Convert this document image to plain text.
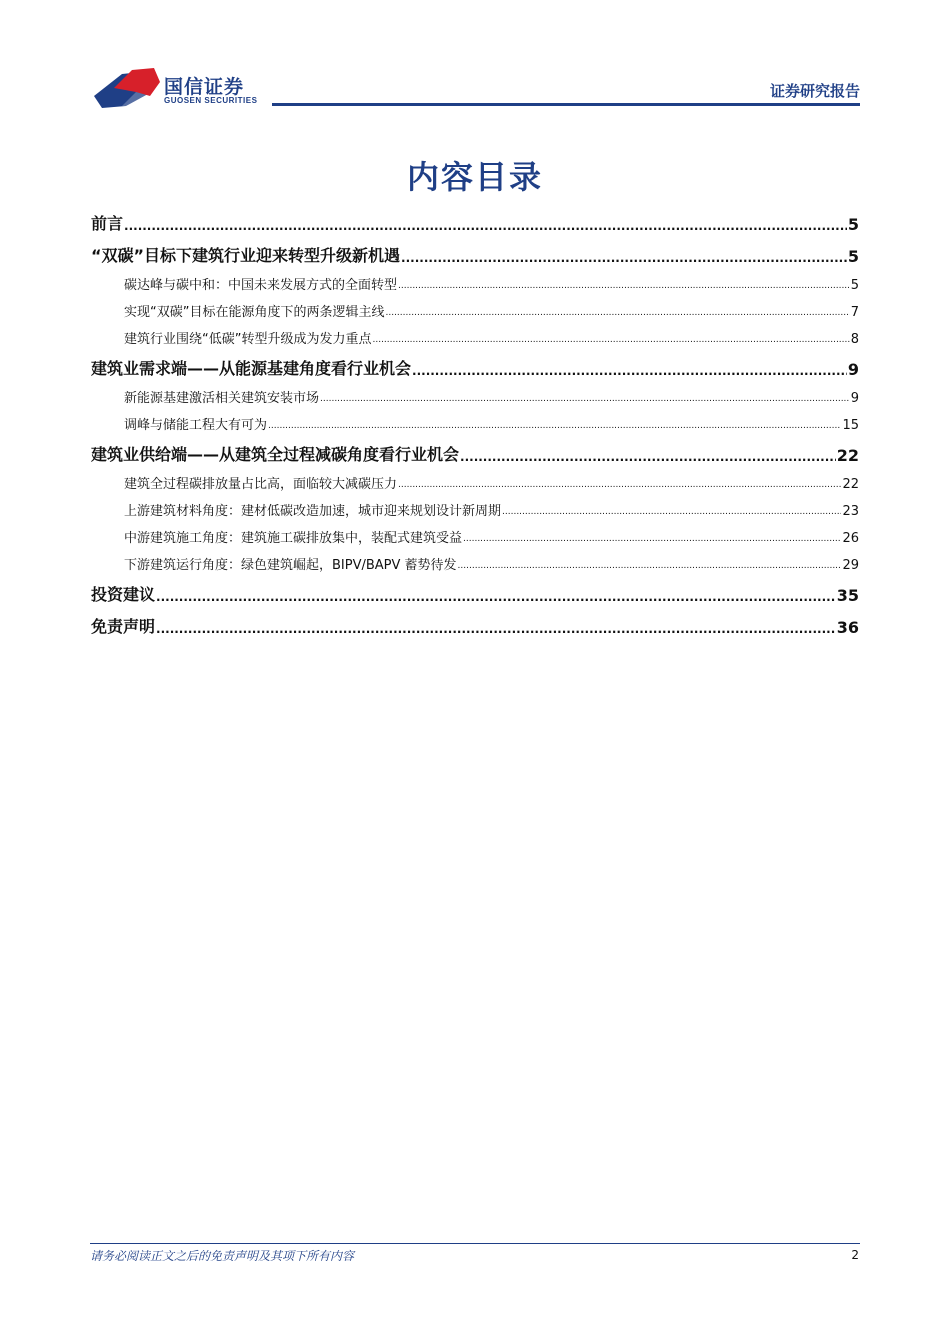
国信证券
GUOSEN SECURITIES
证券研究报告
内容目录
前言 .....	5
“双碳”目标下建筑行业迎来转型升级新机遇 .....	5
碳达峰与碳中和：中国未来发展方式的全面转型 .....	5
实现“双碳”目标在能源角度下的两条逻辑主线 .....	7
建筑行业围绕“低碳”转型升级成为发力重点 .....	8
建筑业需求端——从能源基建角度看行业机会 .....	9
新能源基建激活相关建筑安装市场 .....	9
调峰与储能工程大有可为 .....	15
建筑业供给端——从建筑全过程减碳角度看行业机会 .....	22
建筑全过程碳排放量占比高，面临较大减碳压力 .....	22
上游建筑材料角度：建材低碳改造加速，城市迎来规划设计新周期 .....	23
中游建筑施工角度：建筑施工碳排放集中，装配式建筑受益 .....	26
下游建筑运行角度：绿色建筑崛起，BIPV/BAPV 蓄势待发 .....	29
投资建议 .....	35
免责声明 .....	36
请务必阅读正文之后的免责声明及其项下所有内容	2
